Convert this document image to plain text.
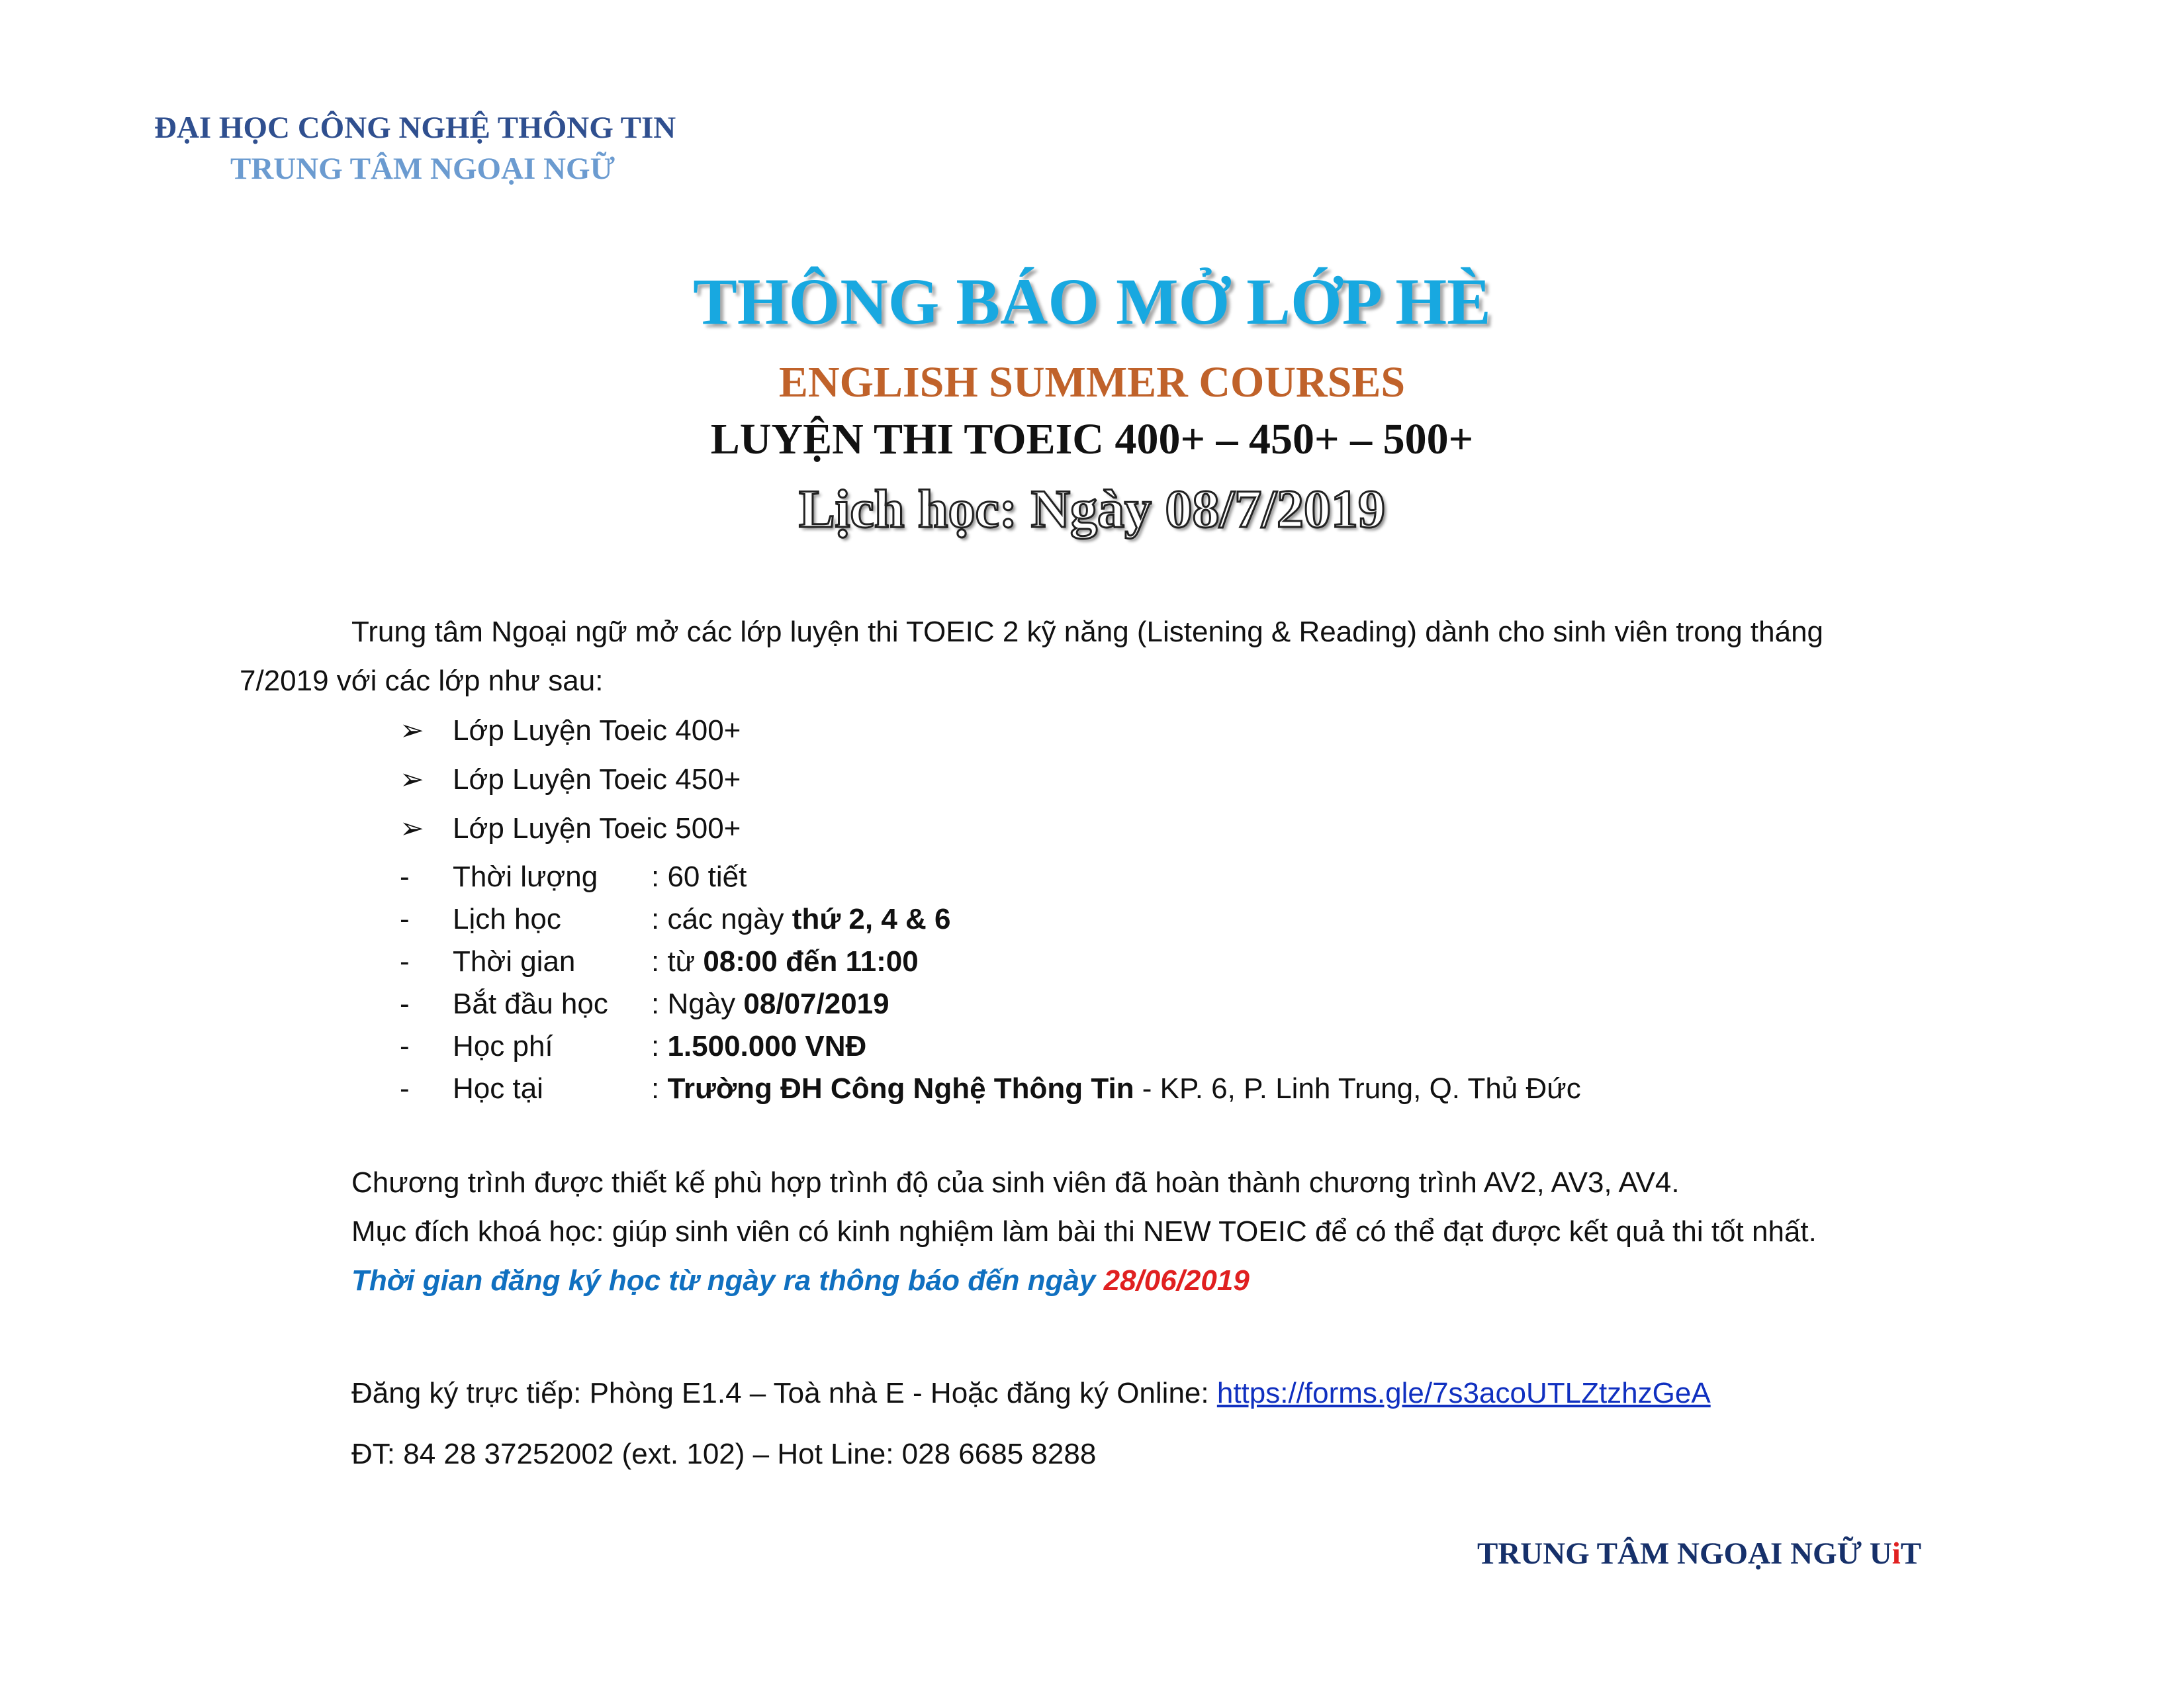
ĐẠI HỌC CÔNG NGHỆ THÔNG TIN
TRUNG TÂM NGOẠI NGỮ
THÔNG BÁO MỞ LỚP HÈ
ENGLISH SUMMER COURSES
LUYỆN THI TOEIC 400+ – 450+ – 500+
Lịch học: Ngày 08/7/2019
Trung tâm Ngoại ngữ mở các lớp luyện thi TOEIC 2 kỹ năng (Listening & Reading) dành cho sinh viên trong tháng
7/2019 với các lớp như sau:
➢ Lớp Luyện Toeic 400+
➢ Lớp Luyện Toeic 450+
➢ Lớp Luyện Toeic 500+
- Thời lượng : 60 tiết
- Lịch học	: các ngày thứ 2, 4 & 6
- Thời gian	: từ 08:00 đến 11:00
- Bắt đầu học : Ngày 08/07/2019
- Học phí	: 1.500.000 VNĐ
- Học tại	: Trường ĐH Công Nghệ Thông Tin - KP. 6, P. Linh Trung, Q. Thủ Đức
Chương trình được thiết kế phù hợp trình độ của sinh viên đã hoàn thành chương trình AV2, AV3, AV4.
Mục đích khoá học: giúp sinh viên có kinh nghiệm làm bài thi NEW TOEIC để có thể đạt được kết quả thi tốt nhất.
Thời gian đăng ký học từ ngày ra thông báo đến ngày 28/06/2019
Đăng ký trực tiếp: Phòng E1.4 – Toà nhà E - Hoặc đăng ký Online: https://forms.gle/7s3acoUTLZtzhzGeA
ĐT: 84 28 37252002 (ext. 102) – Hot Line: 028 6685 8288
TRUNG TÂM NGOẠI NGỮ UiT
